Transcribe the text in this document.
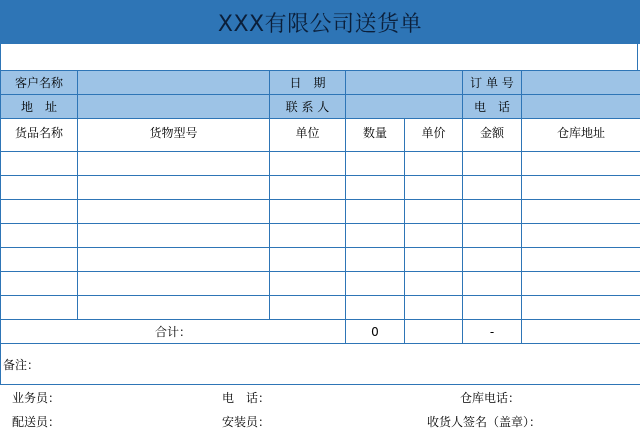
XXX有限公司送货单
客户名称		日　期			订 单 号	
地　址		联 系 人			电　话	
货品名称	货物型号	单位	数量	单价	金额	仓库地址

合计：			0		-	
备注：						
业务员：	电　话：	仓库电话：
配送员：	安装员：	收货人签名（盖章）：
